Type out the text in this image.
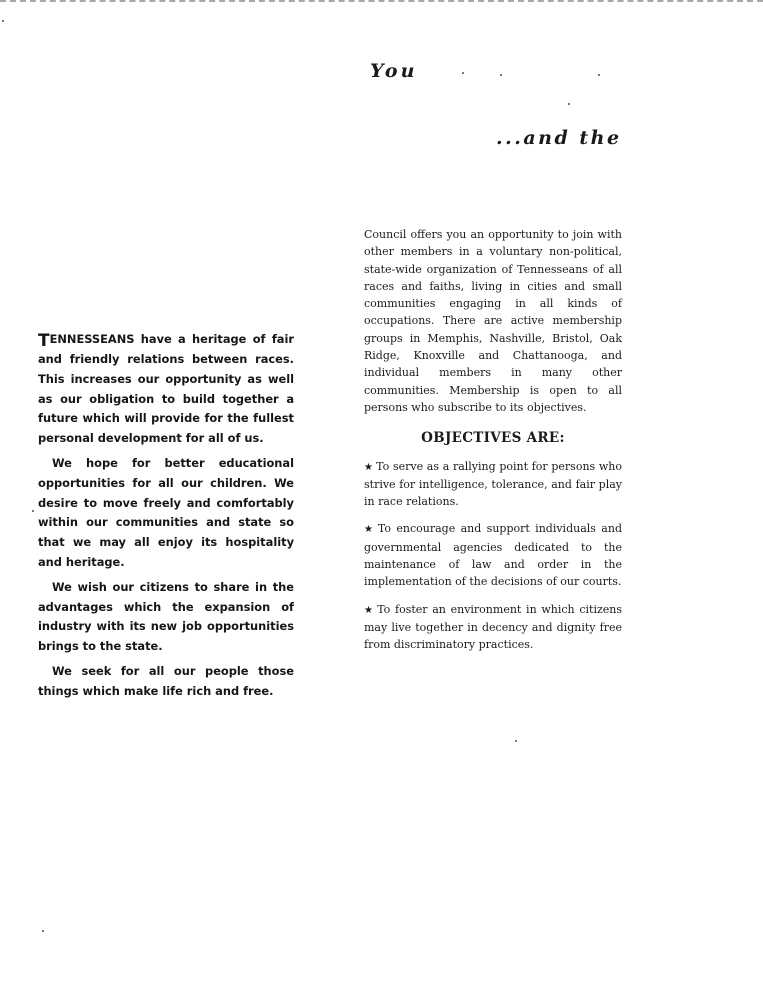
You
...and the

TENNESSEANS have a heritage of fair and friendly relations between races. This increases our opportunity as well as our obligation to build together a future which will provide for the fullest personal development for all of us.

We hope for better educational opportunities for all our children. We desire to move freely and comfortably within our communities and state so that we may all enjoy its hospitality and heritage.

We wish our citizens to share in the advantages which the expansion of industry with its new job opportunities brings to the state.

We seek for all our people those things which make life rich and free.

Council offers you an opportunity to join with other members in a voluntary non-political, state-wide organization of Tennesseans of all races and faiths, living in cities and small communities engaging in all kinds of occupations. There are active membership groups in Memphis, Nashville, Bristol, Oak Ridge, Knoxville and Chattanooga, and individual members in many other communities. Membership is open to all persons who subscribe to its objectives.

OBJECTIVES ARE:

★ To serve as a rallying point for persons who strive for intelligence, tolerance, and fair play in race relations.

★ To encourage and support individuals and governmental agencies dedicated to the maintenance of law and order in the implementation of the decisions of our courts.

★ To foster an environment in which citizens may live together in decency and dignity free from discriminatory practices.
